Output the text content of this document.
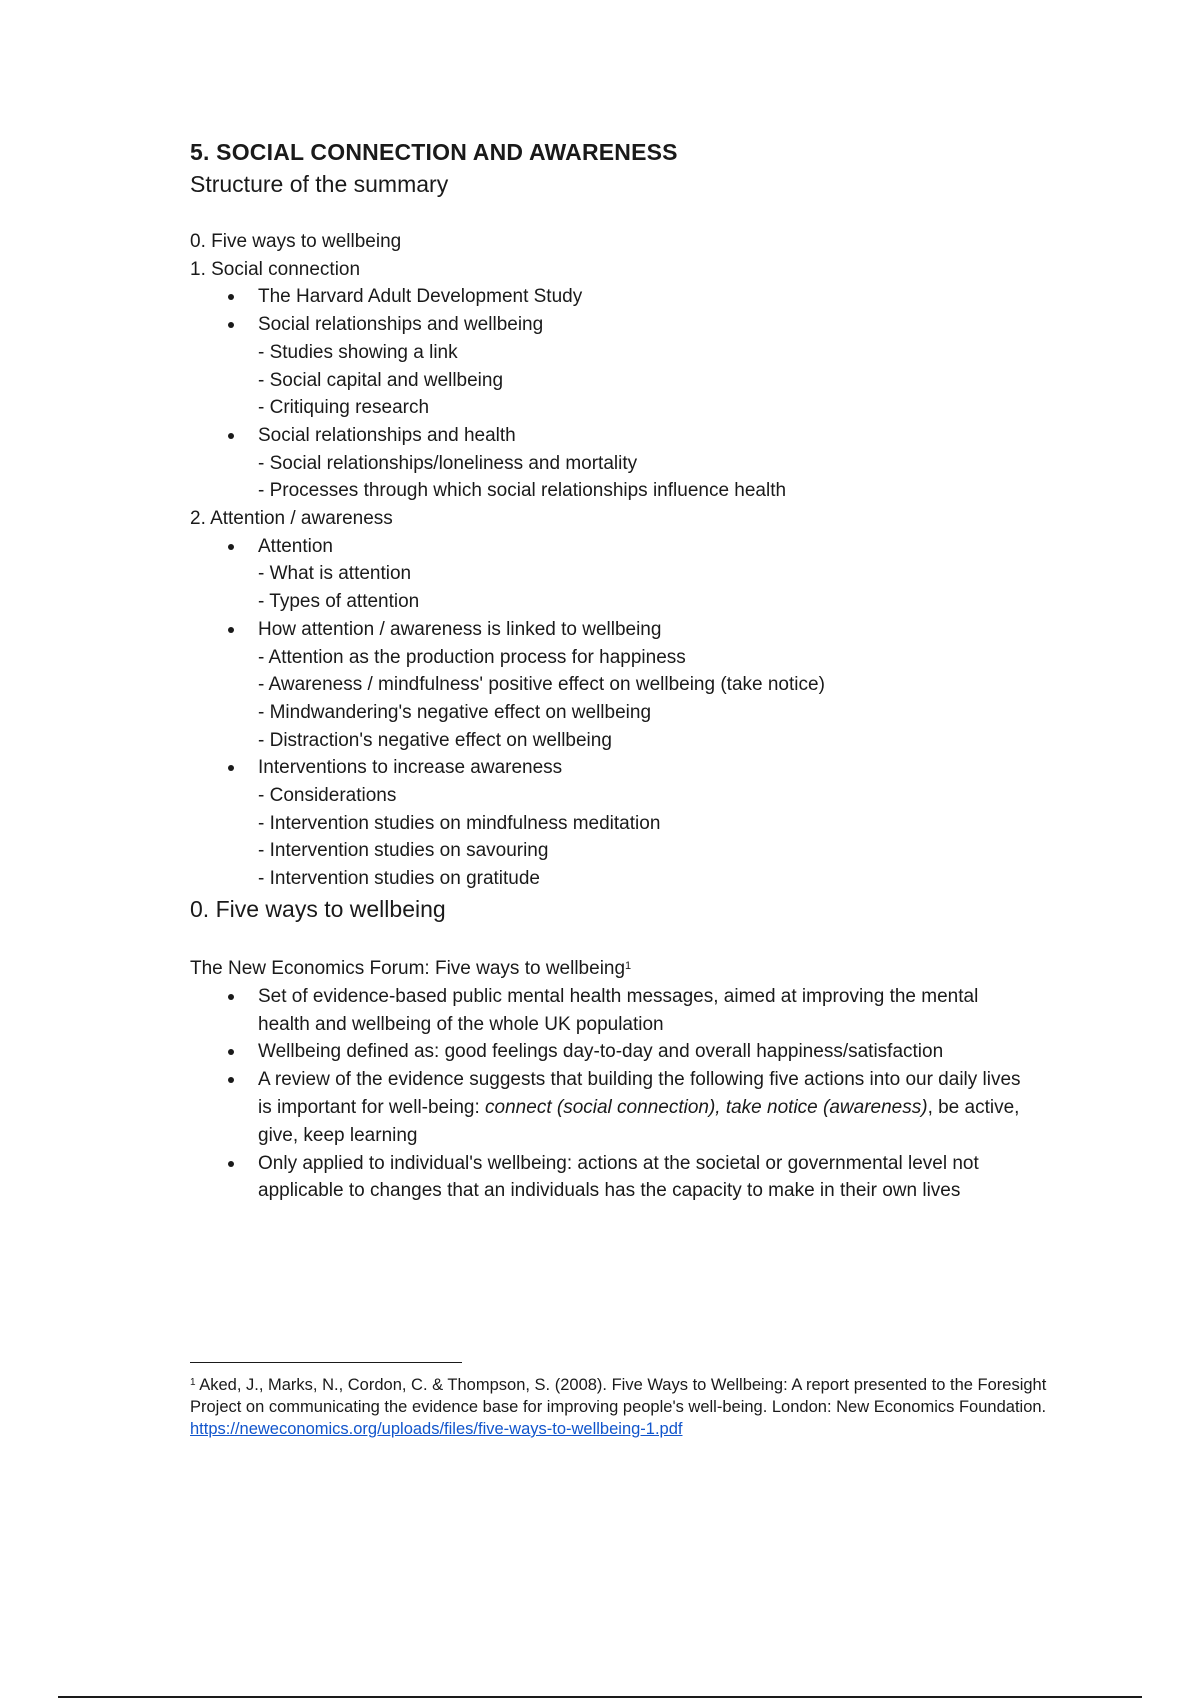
5. SOCIAL CONNECTION AND AWARENESS
Structure of the summary
0. Five ways to wellbeing
1. Social connection
The Harvard Adult Development Study
Social relationships and wellbeing
- Studies showing a link
- Social capital and wellbeing
- Critiquing research
Social relationships and health
- Social relationships/loneliness and mortality
- Processes through which social relationships influence health
2. Attention / awareness
Attention
- What is attention
- Types of attention
How attention / awareness is linked to wellbeing
- Attention as the production process for happiness
- Awareness / mindfulness' positive effect on wellbeing (take notice)
- Mindwandering's negative effect on wellbeing
- Distraction's negative effect on wellbeing
Interventions to increase awareness
- Considerations
- Intervention studies on mindfulness meditation
- Intervention studies on savouring
- Intervention studies on gratitude
0. Five ways to wellbeing
The New Economics Forum: Five ways to wellbeing$^1$
Set of evidence-based public mental health messages, aimed at improving the mental health and wellbeing of the whole UK population
Wellbeing defined as: good feelings day-to-day and overall happiness/satisfaction
A review of the evidence suggests that building the following five actions into our daily lives is important for well-being: connect (social connection), take notice (awareness), be active, give, keep learning
Only applied to individual's wellbeing: actions at the societal or governmental level not applicable to changes that an individuals has the capacity to make in their own lives
$^1$ Aked, J., Marks, N., Cordon, C. & Thompson, S. (2008). Five Ways to Wellbeing: A report presented to the Foresight Project on communicating the evidence base for improving people's well-being. London: New Economics Foundation.
https://neweconomics.org/uploads/files/five-ways-to-wellbeing-1.pdf
